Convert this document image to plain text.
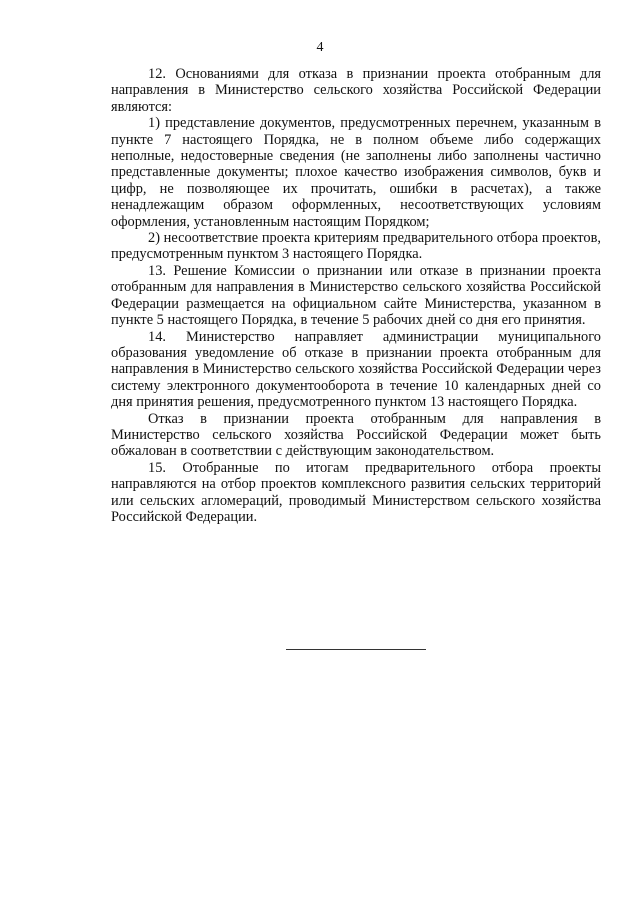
4

12. Основаниями для отказа в признании проекта отобранным для направления в Министерство сельского хозяйства Российской Федерации являются:

1) представление документов, предусмотренных перечнем, указанным в пункте 7 настоящего Порядка, не в полном объеме либо содержащих неполные, недостоверные сведения (не заполнены либо заполнены частично представленные документы; плохое качество изображения символов, букв и цифр, не позволяющее их прочитать, ошибки в расчетах), а также ненадлежащим образом оформленных, несоответствующих условиям оформления, установленным настоящим Порядком;

2) несоответствие проекта критериям предварительного отбора проектов, предусмотренным пунктом 3 настоящего Порядка.

13. Решение Комиссии о признании или отказе в признании проекта отобранным для направления в Министерство сельского хозяйства Российской Федерации размещается на официальном сайте Министерства, указанном в пункте 5 настоящего Порядка, в течение 5 рабочих дней со дня его принятия.

14. Министерство направляет администрации муниципального образования уведомление об отказе в признании проекта отобранным для направления в Министерство сельского хозяйства Российской Федерации через систему электронного документооборота в течение 10 календарных дней со дня принятия решения, предусмотренного пунктом 13 настоящего Порядка.

Отказ в признании проекта отобранным для направления в Министерство сельского хозяйства Российской Федерации может быть обжалован в соответствии с действующим законодательством.

15. Отобранные по итогам предварительного отбора проекты направляются на отбор проектов комплексного развития сельских территорий или сельских агломераций, проводимый Министерством сельского хозяйства Российской Федерации.
